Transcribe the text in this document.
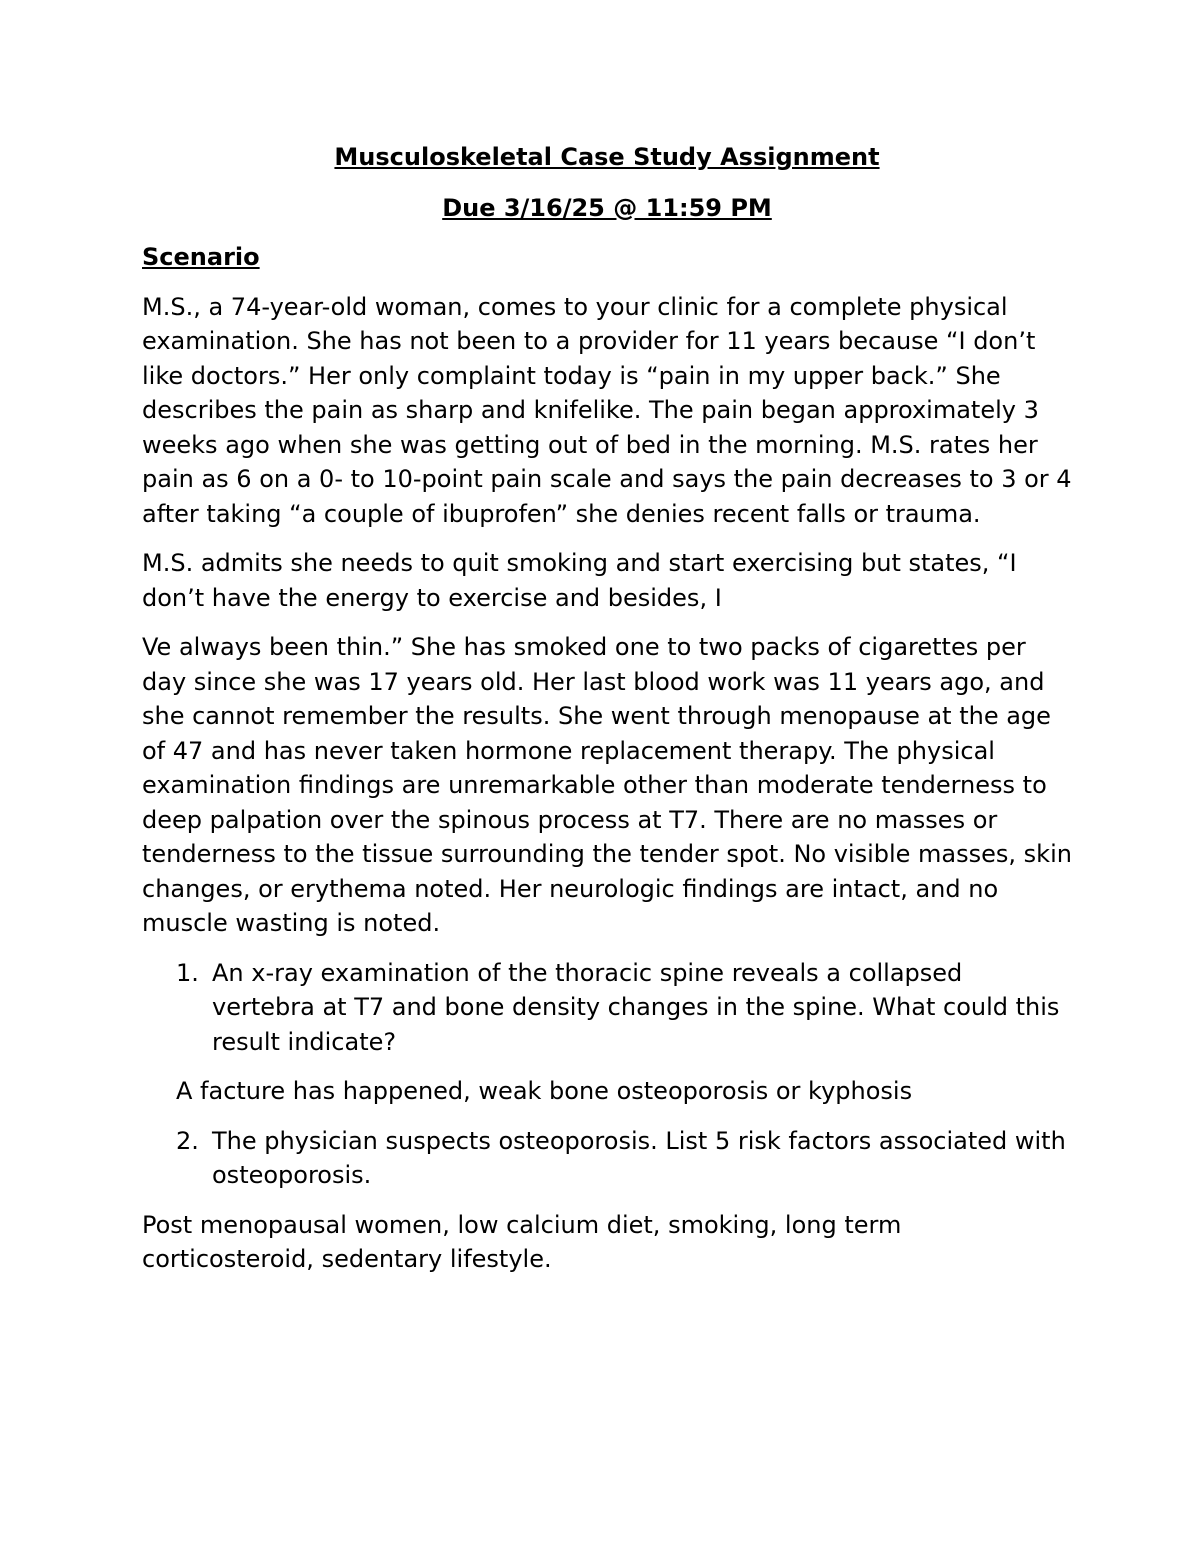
Musculoskeletal Case Study Assignment

Due 3/16/25 @ 11:59 PM

Scenario

M.S., a 74-year-old woman, comes to your clinic for a complete physical examination. She has not been to a provider for 11 years because “I don’t like doctors.” Her only complaint today is “pain in my upper back.” She describes the pain as sharp and knifelike. The pain began approximately 3 weeks ago when she was getting out of bed in the morning. M.S. rates her pain as 6 on a 0- to 10-point pain scale and says the pain decreases to 3 or 4 after taking “a couple of ibuprofen” she denies recent falls or trauma.

M.S. admits she needs to quit smoking and start exercising but states, “I don’t have the energy to exercise and besides, I

Ve always been thin.” She has smoked one to two packs of cigarettes per day since she was 17 years old. Her last blood work was 11 years ago, and she cannot remember the results. She went through menopause at the age of 47 and has never taken hormone replacement therapy. The physical examination findings are unremarkable other than moderate tenderness to deep palpation over the spinous process at T7. There are no masses or tenderness to the tissue surrounding the tender spot. No visible masses, skin changes, or erythema noted. Her neurologic findings are intact, and no muscle wasting is noted.

1. An x-ray examination of the thoracic spine reveals a collapsed vertebra at T7 and bone density changes in the spine. What could this result indicate?

A facture has happened, weak bone osteoporosis or kyphosis

2. The physician suspects osteoporosis. List 5 risk factors associated with osteoporosis.

Post menopausal women, low calcium diet, smoking, long term corticosteroid, sedentary lifestyle.
